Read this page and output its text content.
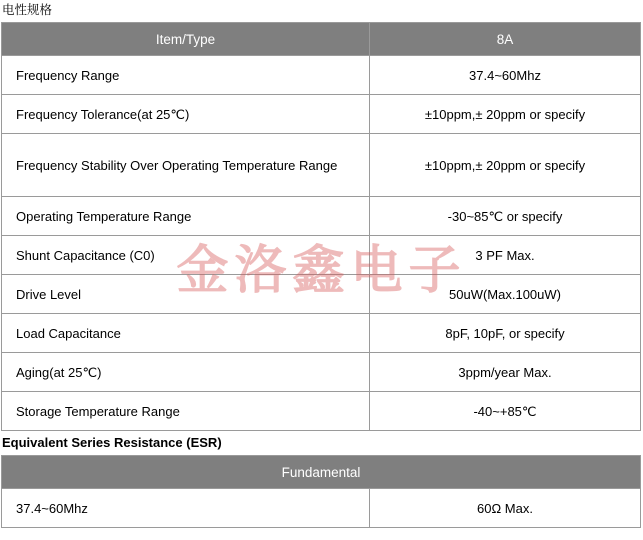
电性规格
Item/Type	8A
Frequency Range	37.4~60Mhz
Frequency Tolerance(at 25℃)	±10ppm,± 20ppm or specify
Frequency Stability Over Operating Temperature Range	±10ppm,± 20ppm or specify
Operating Temperature Range	-30~85℃ or specify
Shunt Capacitance (C0)	3 PF Max.
Drive Level	50uW(Max.100uW)
Load Capacitance	8pF, 10pF, or specify
Aging(at 25℃)	3ppm/year Max.
Storage Temperature Range	-40~+85℃
Equivalent Series Resistance (ESR)
Fundamental
37.4~60Mhz	60Ω Max.
金洛鑫电子
